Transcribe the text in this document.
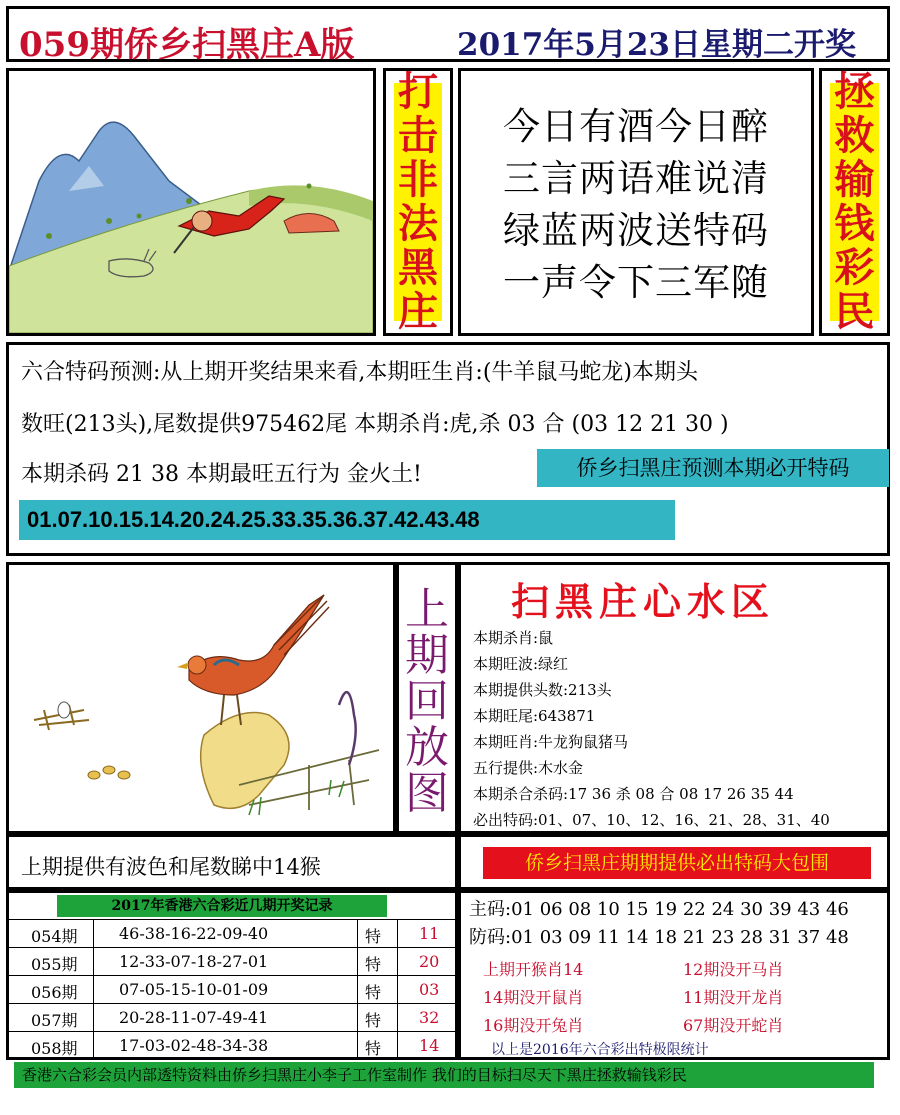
059期侨乡扫黑庄A版	2017年5月23日星期二开奖
打
击
非
法
黑
庄
今日有酒今日醉
三言两语难说清
绿蓝两波送特码
一声令下三军随
拯
救
输
钱
彩
民
六合特码预测:从上期开奖结果来看,本期旺生肖:(牛羊鼠马蛇龙)本期头
数旺(213头),尾数提供975462尾 本期杀肖:虎,杀 03 合 (03 12 21 30 )
本期杀码 21 38 本期最旺五行为 金火土!	侨乡扫黑庄预测本期必开特码
01.07.10.15.14.20.24.25.33.35.36.37.42.43.48
上
期
回
放
图
扫黑庄心水区
本期杀肖:鼠
本期旺波:绿红
本期提供头数:213头
本期旺尾:643871
本期旺肖:牛龙狗鼠猪马
五行提供:木水金
本期杀合杀码:17 36 杀 08 合 08 17 26 35 44
必出特码:01、07、10、12、16、21、28、31、40
上期提供有波色和尾数睇中14猴	侨乡扫黑庄期期提供必出特码大包围
2017年香港六合彩近几期开奖记录
054期	46-38-16-22-09-40	特 11
055期	12-33-07-18-27-01	特 20
056期	07-05-15-10-01-09	特 03
057期	20-28-11-07-49-41	特 32
058期	17-03-02-48-34-38	特 14
主码:01 06 08 10 15 19 22 24 30 39 43 46
防码:01 03 09 11 14 18 21 23 28 31 37 48
上期开猴肖14	12期没开马肖
14期没开鼠肖	11期没开龙肖
16期没开兔肖	67期没开蛇肖
以上是2016年六合彩出特极限统计
香港六合彩会员内部透特资料由侨乡扫黑庄小李子工作室制作 我们的目标扫尽天下黑庄拯救输钱彩民
